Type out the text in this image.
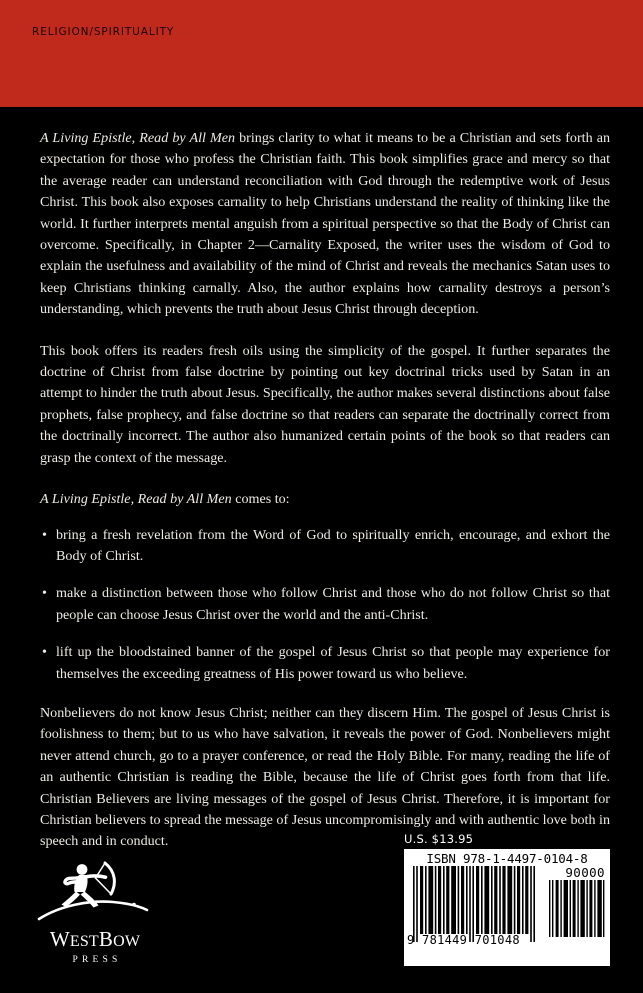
RELIGION/SPIRITUALITY

A Living Epistle, Read by All Men brings clarity to what it means to be a Christian and sets forth an expectation for those who profess the Christian faith. This book simplifies grace and mercy so that the average reader can understand reconciliation with God through the redemptive work of Jesus Christ. This book also exposes carnality to help Christians understand the reality of thinking like the world. It further interprets mental anguish from a spiritual perspective so that the Body of Christ can overcome. Specifically, in Chapter 2—Carnality Exposed, the writer uses the wisdom of God to explain the usefulness and availability of the mind of Christ and reveals the mechanics Satan uses to keep Christians thinking carnally. Also, the author explains how carnality destroys a person’s understanding, which prevents the truth about Jesus Christ through deception.

This book offers its readers fresh oils using the simplicity of the gospel. It further separates the doctrine of Christ from false doctrine by pointing out key doctrinal tricks used by Satan in an attempt to hinder the truth about Jesus. Specifically, the author makes several distinctions about false prophets, false prophecy, and false doctrine so that readers can separate the doctrinally correct from the doctrinally incorrect. The author also humanized certain points of the book so that readers can grasp the context of the message.

A Living Epistle, Read by All Men comes to:

• bring a fresh revelation from the Word of God to spiritually enrich, encourage, and exhort the Body of Christ.
• make a distinction between those who follow Christ and those who do not follow Christ so that people can choose Jesus Christ over the world and the anti-Christ.
• lift up the bloodstained banner of the gospel of Jesus Christ so that people may experience for themselves the exceeding greatness of His power toward us who believe.

Nonbelievers do not know Jesus Christ; neither can they discern Him. The gospel of Jesus Christ is foolishness to them; but to us who have salvation, it reveals the power of God. Nonbelievers might never attend church, go to a prayer conference, or read the Holy Bible. For many, reading the life of an authentic Christian is reading the Bible, because the life of Christ goes forth from that life. Christian Believers are living messages of the gospel of Jesus Christ. Therefore, it is important for Christian believers to spread the message of Jesus uncompromisingly and with authentic love both in speech and in conduct.

WESTBOW
PRESS
U.S. $13.95
ISBN 978-1-4497-0104-8
90000
9 781449 701048
